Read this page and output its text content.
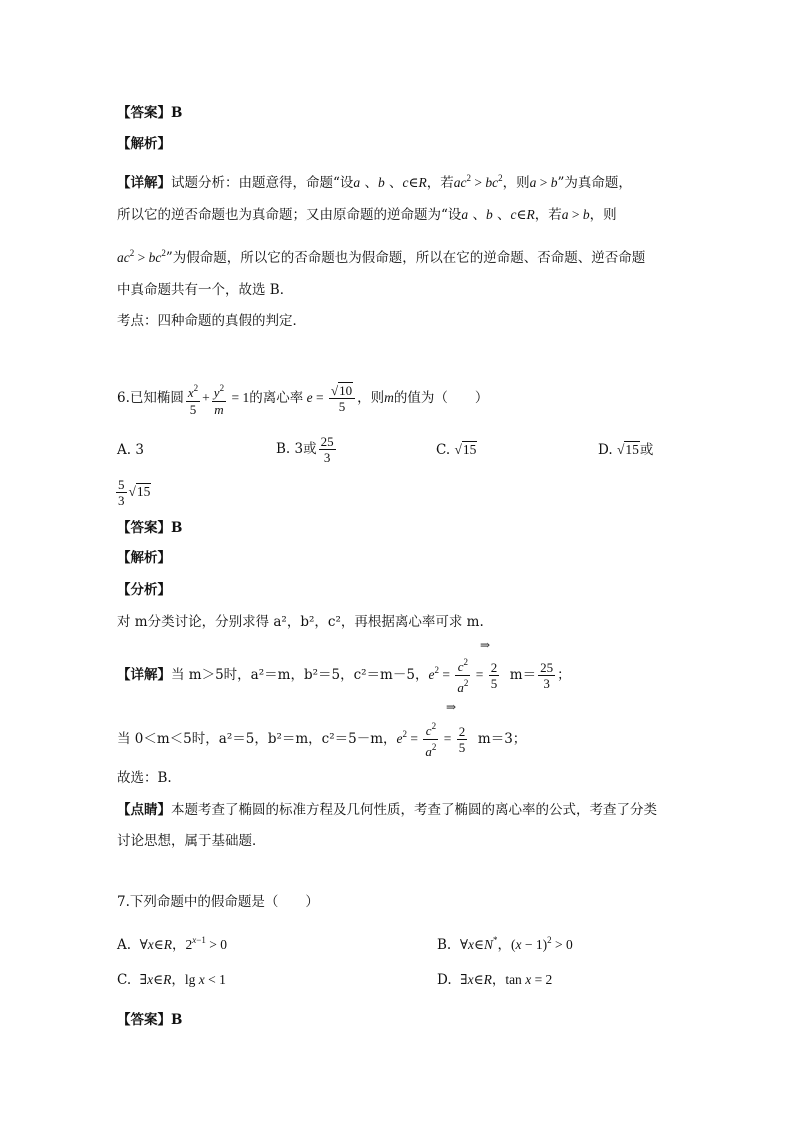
【答案】B
【解析】
【详解】试题分析：由题意得，命题“设a 、b 、c∈R，若$ac^2 > bc^2$，则a > b”为真命题，
所以它的逆否命题也为真命题；又由原命题的逆命题为“设a 、b 、c∈R，若a > b，则
$ac^2 > bc^2$”为假命题，所以它的否命题也为假命题，所以在它的逆命题、否命题、逆否命题
中真命题共有一个，故选 B．
考点：四种命题的真假的判定．
6.已知椭圆 $\frac{x^2}{5} + \frac{y^2}{m} = 1$的离心率 $e = \frac{√10}{5}$ ，则m的值为（　　）
A. 3	B. 3或 $\frac{25}{3}$	C. √15	D. √15或
$\frac{5}{3} √15$
【答案】B
【解析】
【分析】
对 m分类讨论，分别求得 a²，b²，c²，再根据离心率可求 m.
【详解】当 m＞5时，a²＝m，b²＝5，c²＝m－5，$e^2 = \frac{c^2}{a^2} = \frac{2}{5} m= \frac{25}{3}$ ；
⇒
当 0＜m＜5时，a²＝5，b²＝m，c²＝5－m，$e^2 = \frac{c^2}{a^2} = \frac{2}{5} m=3$；
⇒
故选：B.
【点睛】本题考查了椭圆的标准方程及几何性质，考查了椭圆的离心率的公式，考查了分类
讨论思想，属于基础题．
7.下列命题中的假命题是（　　）
A. ∀x∈R，$2^{x-1} > 0$	B. ∀x∈N*，$(x - 1)^2 > 0$
C. ∃x∈R，lg x < 1	D. ∃x∈R，tan x = 2
【答案】B
